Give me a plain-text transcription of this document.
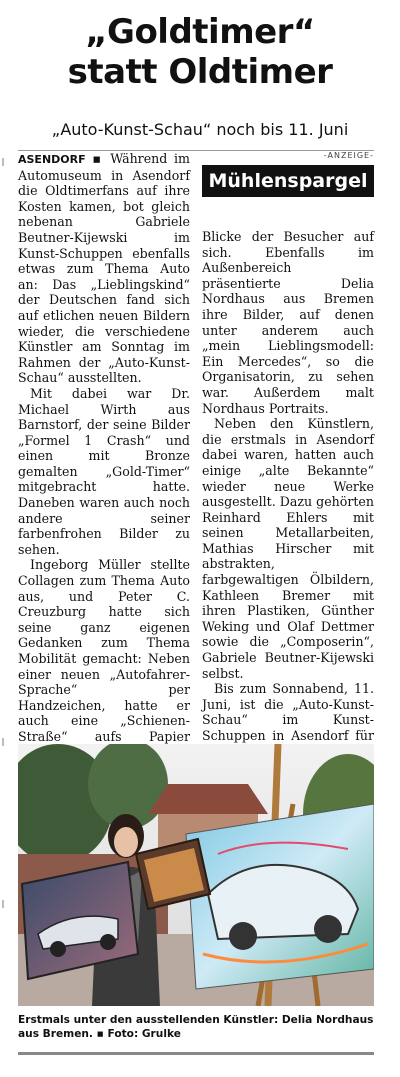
„Goldtimer“
statt Oldtimer
„Auto-Kunst-Schau“ noch bis 11. Juni

ASENDORF ▪ Während im Automuseum in Asendorf die Oldtimerfans auf ihre Kosten kamen, bot gleich nebenan Gabriele Beutner-Kijewski im Kunst-Schuppen ebenfalls etwas zum Thema Auto an: Das „Lieblingskind“ der Deutschen fand sich auf etlichen neuen Bildern wieder, die verschiedene Künstler am Sonntag im Rahmen der „Auto-Kunst-Schau“ ausstellten.

Mit dabei war Dr. Michael Wirth aus Barnstorf, der seine Bilder „Formel 1 Crash“ und einen mit Bronze gemalten „Gold-Timer“ mitgebracht hatte. Daneben waren auch noch andere seiner farbenfrohen Bilder zu sehen.

Ingeborg Müller stellte Collagen zum Thema Auto aus, und Peter C. Creuzburg hatte sich seine ganz eigenen Gedanken zum Thema Mobilität gemacht: Neben einer neuen „Autofahrer-Sprache“ per Handzeichen, hatte er auch eine „Schienen-Straße“ aufs Papier

-ANZEIGE-
Mühlenspargel

Blicke der Besucher auf sich. Ebenfalls im Außenbereich präsentierte Delia Nordhaus aus Bremen ihre Bilder, auf denen unter anderem auch „mein Lieblingsmodell: Ein Mercedes“, so die Organisatorin, zu sehen war. Außerdem malt Nordhaus Portraits.

Neben den Künstlern, die erstmals in Asendorf dabei waren, hatten auch einige „alte Bekannte“ wieder neue Werke ausgestellt. Dazu gehörten Reinhard Ehlers mit seinen Metallarbeiten, Mathias Hirscher mit abstrakten, farbgewaltigen Ölbildern, Kathleen Bremer mit ihren Plastiken, Günther Weking und Olaf Dettmer sowie die „Composerin“, Gabriele Beutner-Kijewski selbst.

Bis zum Sonnabend, 11. Juni, ist die „Auto-Kunst-Schau“ im Kunst-Schuppen in Asendorf für

Erstmals unter den ausstellenden Künstler: Delia Nordhaus aus Bremen. ▪ Foto: Grulke
